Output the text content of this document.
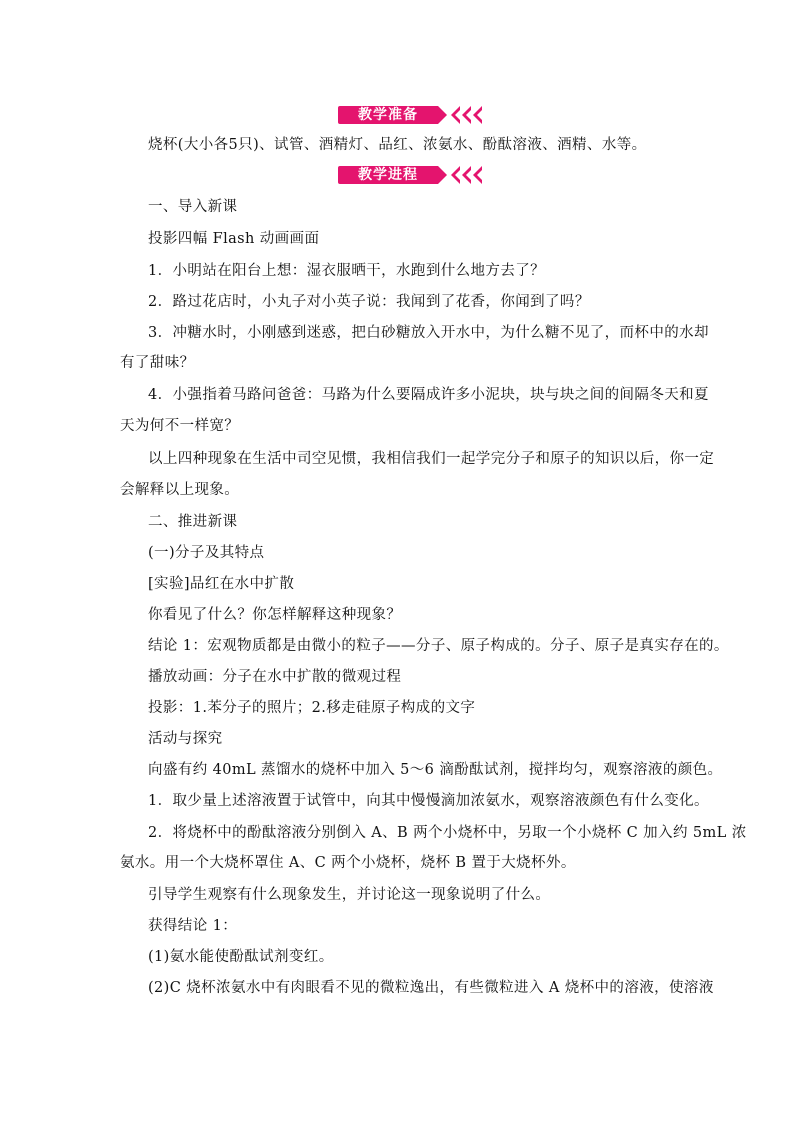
教学准备
烧杯(大小各5只)、试管、酒精灯、品红、浓氨水、酚酞溶液、酒精、水等。
教学进程
一、导入新课
投影四幅 Flash 动画画面
1．小明站在阳台上想：湿衣服晒干，水跑到什么地方去了？
2．路过花店时，小丸子对小英子说：我闻到了花香，你闻到了吗？
3．冲糖水时，小刚感到迷惑，把白砂糖放入开水中，为什么糖不见了，而杯中的水却
有了甜味？
4．小强指着马路问爸爸：马路为什么要隔成许多小泥块，块与块之间的间隔冬天和夏
天为何不一样宽？
以上四种现象在生活中司空见惯，我相信我们一起学完分子和原子的知识以后，你一定
会解释以上现象。
二、推进新课
(一)分子及其特点
[实验]品红在水中扩散
你看见了什么？你怎样解释这种现象？
结论 1：宏观物质都是由微小的粒子——分子、原子构成的。分子、原子是真实存在的。
播放动画：分子在水中扩散的微观过程
投影：1.苯分子的照片；2.移走硅原子构成的文字
活动与探究
向盛有约 40mL 蒸馏水的烧杯中加入 5～6 滴酚酞试剂，搅拌均匀，观察溶液的颜色。
1．取少量上述溶液置于试管中，向其中慢慢滴加浓氨水，观察溶液颜色有什么变化。
2．将烧杯中的酚酞溶液分别倒入 A、B 两个小烧杯中，另取一个小烧杯 C 加入约 5mL 浓
氨水。用一个大烧杯罩住 A、C 两个小烧杯，烧杯 B 置于大烧杯外。
引导学生观察有什么现象发生，并讨论这一现象说明了什么。
获得结论 1：
(1)氨水能使酚酞试剂变红。
(2)C 烧杯浓氨水中有肉眼看不见的微粒逸出，有些微粒进入 A 烧杯中的溶液，使溶液
